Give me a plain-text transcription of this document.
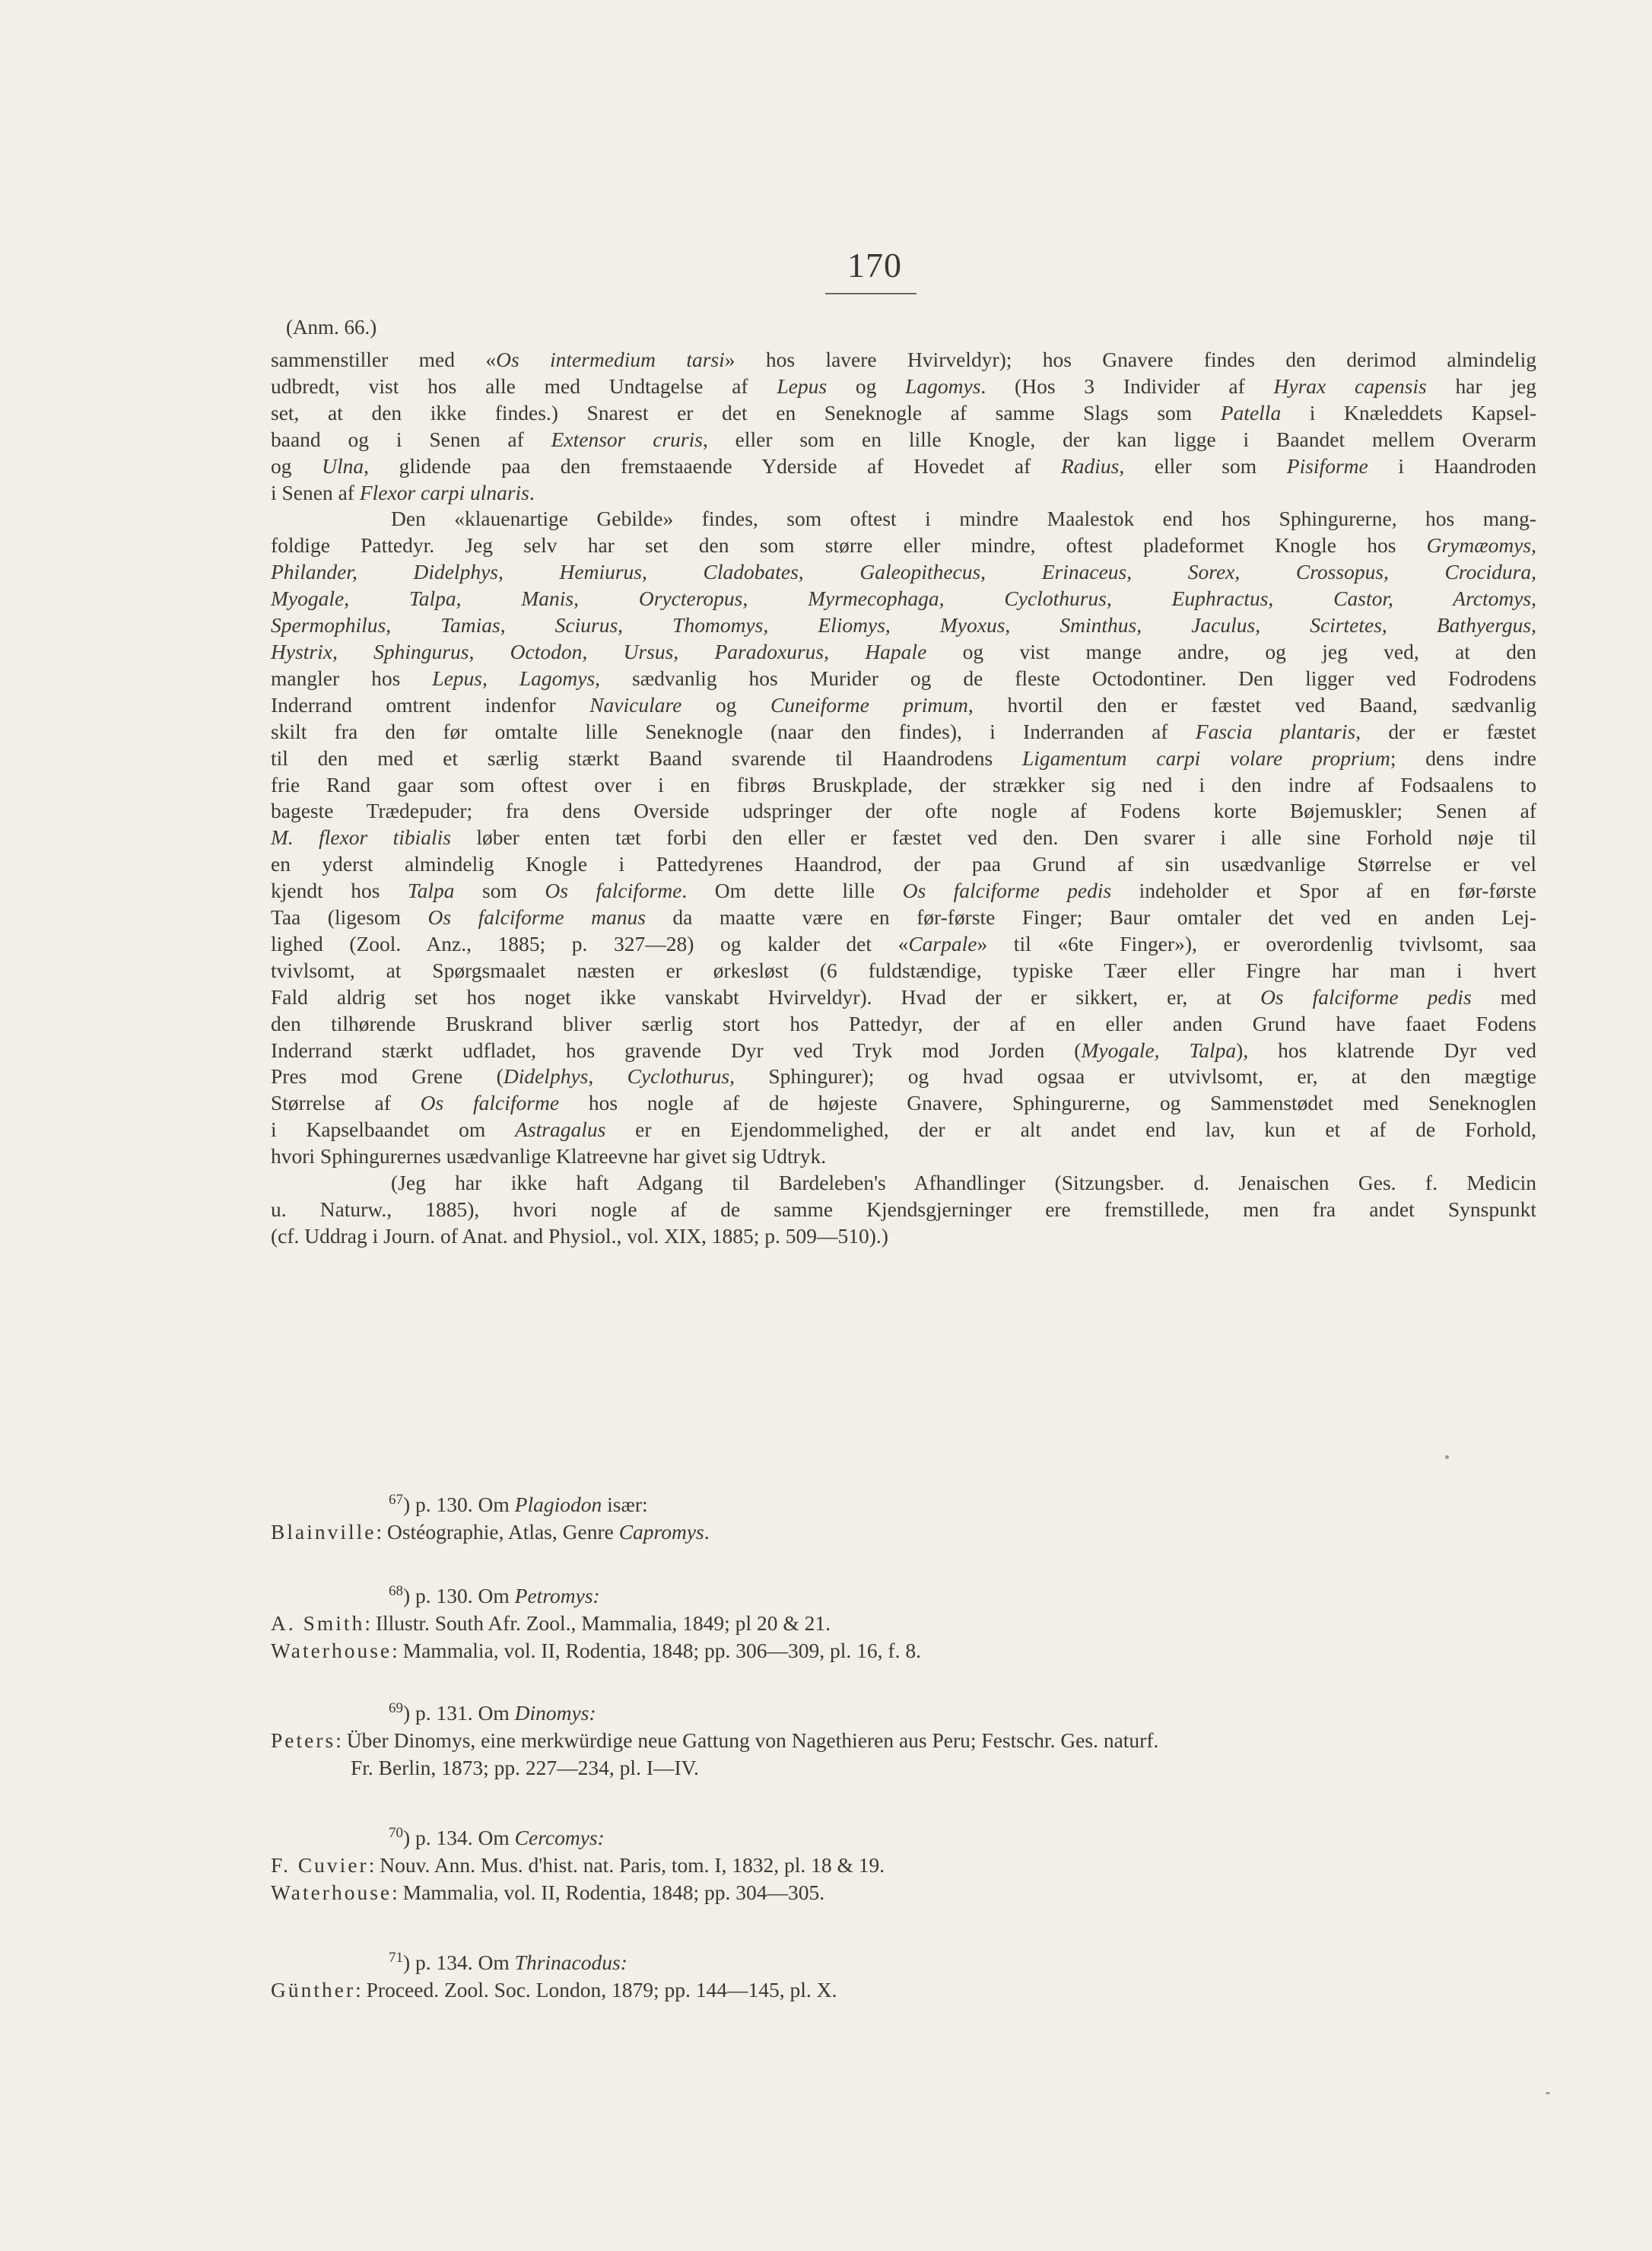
170
(Anm. 66.)
sammenstiller med «Os intermedium tarsi» hos lavere Hvirveldyr); hos Gnavere findes den derimod almindelig
udbredt, vist hos alle med Undtagelse af Lepus og Lagomys. (Hos 3 Individer af Hyrax capensis har jeg
set, at den ikke findes.) Snarest er det en Seneknogle af samme Slags som Patella i Knæleddets Kapsel-
baand og i Senen af Extensor cruris, eller som en lille Knogle, der kan ligge i Baandet mellem Overarm
og Ulna, glidende paa den fremstaaende Yderside af Hovedet af Radius, eller som Pisiforme i Haandroden
i Senen af Flexor carpi ulnaris.
Den «klauenartige Gebilde» findes, som oftest i mindre Maalestok end hos Sphingurerne, hos mang-
foldige Pattedyr. Jeg selv har set den som større eller mindre, oftest pladeformet Knogle hos Grymæomys,
Philander, Didelphys, Hemiurus, Cladobates, Galeopithecus, Erinaceus, Sorex, Crossopus, Crocidura,
Myogale, Talpa, Manis, Orycteropus, Myrmecophaga, Cyclothurus, Euphractus, Castor, Arctomys,
Spermophilus, Tamias, Sciurus, Thomomys, Eliomys, Myoxus, Sminthus, Jaculus, Scirtetes, Bathyergus,
Hystrix, Sphingurus, Octodon, Ursus, Paradoxurus, Hapale og vist mange andre, og jeg ved, at den
mangler hos Lepus, Lagomys, sædvanlig hos Murider og de fleste Octodontiner. Den ligger ved Fodrodens
Inderrand omtrent indenfor Naviculare og Cuneiforme primum, hvortil den er fæstet ved Baand, sædvanlig
skilt fra den før omtalte lille Seneknogle (naar den findes), i Inderranden af Fascia plantaris, der er fæstet
til den med et særlig stærkt Baand svarende til Haandrodens Ligamentum carpi volare proprium; dens indre
frie Rand gaar som oftest over i en fibrøs Bruskplade, der strækker sig ned i den indre af Fodsaalens to
bageste Trædepuder; fra dens Overside udspringer der ofte nogle af Fodens korte Bøjemuskler; Senen af
M. flexor tibialis løber enten tæt forbi den eller er fæstet ved den. Den svarer i alle sine Forhold nøje til
en yderst almindelig Knogle i Pattedyrenes Haandrod, der paa Grund af sin usædvanlige Størrelse er vel
kjendt hos Talpa som Os falciforme. Om dette lille Os falciforme pedis indeholder et Spor af en før-første
Taa (ligesom Os falciforme manus da maatte være en før-første Finger; Baur omtaler det ved en anden Lej-
lighed (Zool. Anz., 1885; p. 327—28) og kalder det «Carpale» til «6te Finger»), er overordenlig tvivlsomt, saa
tvivlsomt, at Spørgsmaalet næsten er ørkesløst (6 fuldstændige, typiske Tæer eller Fingre har man i hvert
Fald aldrig set hos noget ikke vanskabt Hvirveldyr). Hvad der er sikkert, er, at Os falciforme pedis med
den tilhørende Bruskrand bliver særlig stort hos Pattedyr, der af en eller anden Grund have faaet Fodens
Inderrand stærkt udfladet, hos gravende Dyr ved Tryk mod Jorden (Myogale, Talpa), hos klatrende Dyr ved
Pres mod Grene (Didelphys, Cyclothurus, Sphingurer); og hvad ogsaa er utvivlsomt, er, at den mægtige
Størrelse af Os falciforme hos nogle af de højeste Gnavere, Sphingurerne, og Sammenstødet med Seneknoglen
i Kapselbaandet om Astragalus er en Ejendommelighed, der er alt andet end lav, kun et af de Forhold,
hvori Sphingurernes usædvanlige Klatreevne har givet sig Udtryk.
(Jeg har ikke haft Adgang til Bardeleben's Afhandlinger (Sitzungsber. d. Jenaischen Ges. f. Medicin
u. Naturw., 1885), hvori nogle af de samme Kjendsgjerninger ere fremstillede, men fra andet Synspunkt
(cf. Uddrag i Journ. of Anat. and Physiol., vol. XIX, 1885; p. 509—510).)
$^{67}$) p. 130. Om Plagiodon især:
Blainville: Ostéographie, Atlas, Genre Capromys.
$^{68}$) p. 130. Om Petromys:
A. Smith: Illustr. South Afr. Zool., Mammalia, 1849; pl 20 & 21.
Waterhouse: Mammalia, vol. II, Rodentia, 1848; pp. 306—309, pl. 16, f. 8.
$^{69}$) p. 131. Om Dinomys:
Peters: Über Dinomys, eine merkwürdige neue Gattung von Nagethieren aus Peru; Festschr. Ges. naturf.
Fr. Berlin, 1873; pp. 227—234, pl. I—IV.
$^{70}$) p. 134. Om Cercomys:
F. Cuvier: Nouv. Ann. Mus. d'hist. nat. Paris, tom. I, 1832, pl. 18 & 19.
Waterhouse: Mammalia, vol. II, Rodentia, 1848; pp. 304—305.
$^{71}$) p. 134. Om Thrinacodus:
Günther: Proceed. Zool. Soc. London, 1879; pp. 144—145, pl. X.
